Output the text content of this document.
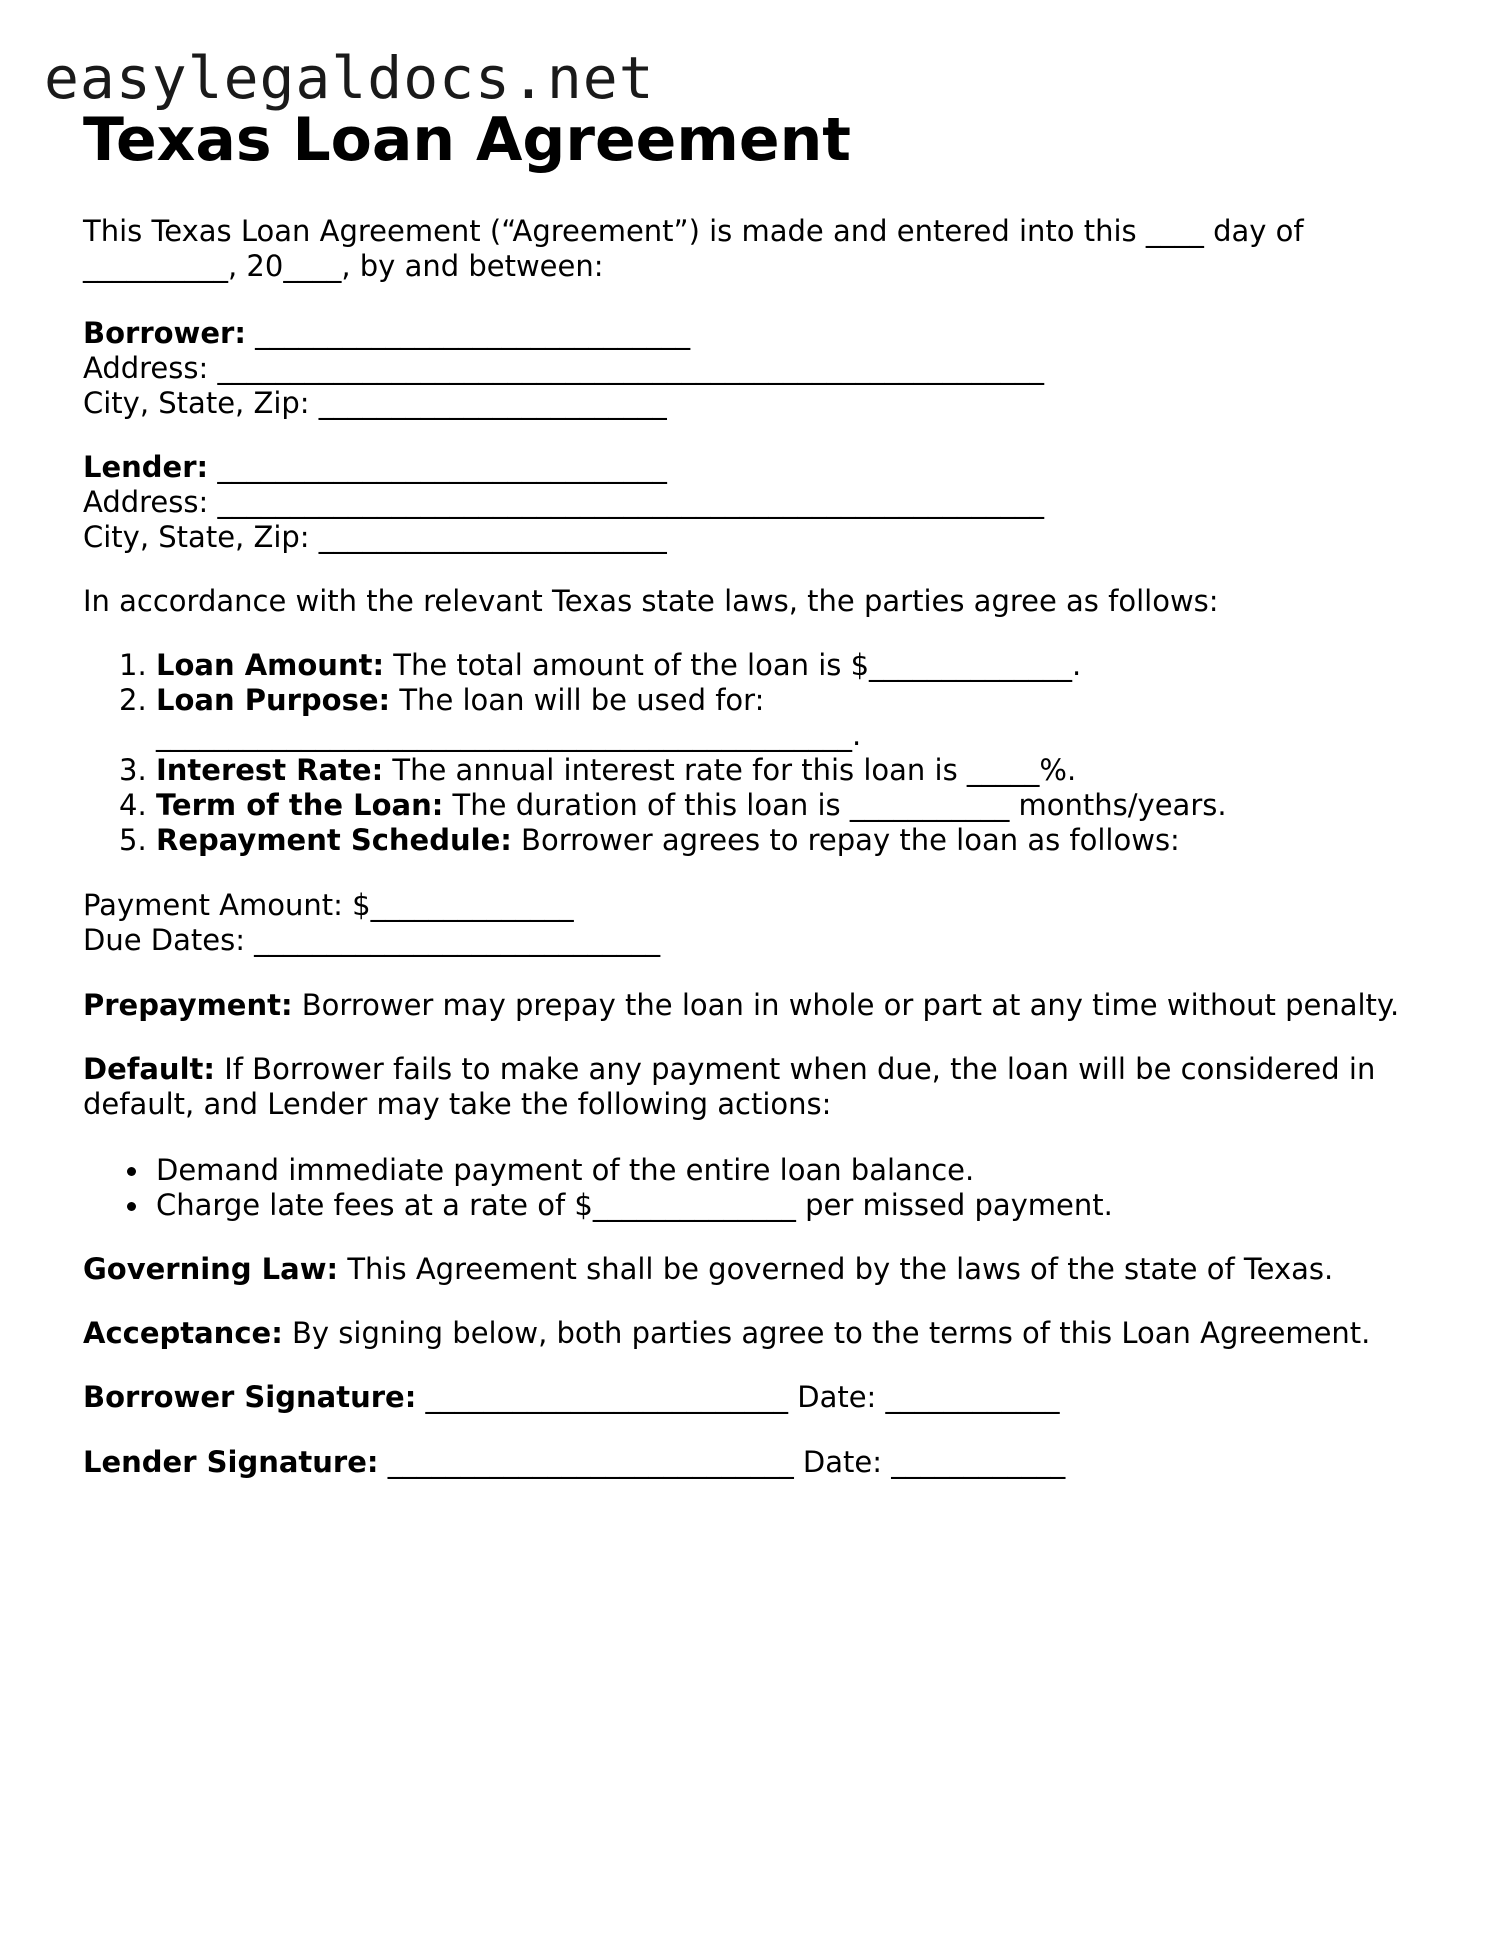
easylegaldocs.net
Texas Loan Agreement

This Texas Loan Agreement (“Agreement”) is made and entered into this ____ day of
__________, 20____, by and between:

Borrower: ______________________________
Address: _________________________________________________________
City, State, Zip: ________________________
Lender: _______________________________
Address: _________________________________________________________
City, State, Zip: ________________________

In accordance with the relevant Texas state laws, the parties agree as follows:

1. Loan Amount: The total amount of the loan is $______________.
2. Loan Purpose: The loan will be used for:
________________________________________________.
3. Interest Rate: The annual interest rate for this loan is _____%.
4. Term of the Loan: The duration of this loan is ___________ months/years.
5. Repayment Schedule: Borrower agrees to repay the loan as follows:
Payment Amount: $______________
Due Dates: ____________________________

Prepayment: Borrower may prepay the loan in whole or part at any time without penalty.

Default: If Borrower fails to make any payment when due, the loan will be considered in
default, and Lender may take the following actions:
Demand immediate payment of the entire loan balance.
Charge late fees at a rate of $______________ per missed payment.

Governing Law: This Agreement shall be governed by the laws of the state of Texas.

Acceptance: By signing below, both parties agree to the terms of this Loan Agreement.

Borrower Signature: _________________________ Date: ____________

Lender Signature: ____________________________ Date: ____________
